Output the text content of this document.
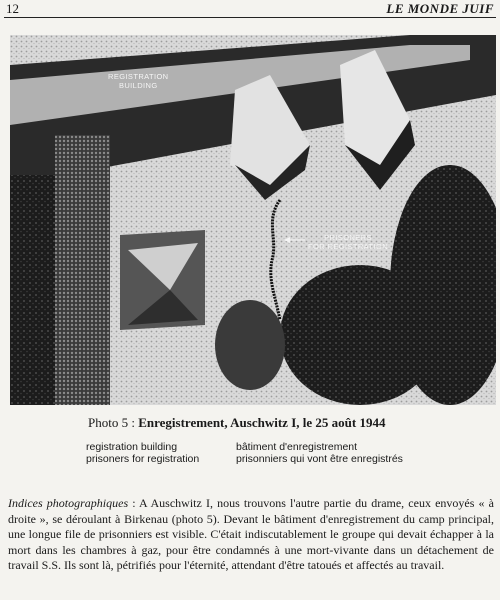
12	LE MONDE JUIF
REGISTRATION
BUILDING
PRISONERS
FOR REGISTRATION

Photo 5 : Enregistrement, Auschwitz I, le 25 août 1944

registration building	bâtiment d'enregistrement
prisoners for registration	prisonniers qui vont être enregistrés

Indices photographiques : A Auschwitz I, nous trouvons l'autre partie du drame, ceux envoyés « à droite », se déroulant à Birkenau (photo 5). Devant le bâtiment d'enregistrement du camp principal, une longue file de prisonniers est visible. C'était indiscutablement le groupe qui devait échapper à la mort dans les chambres à gaz, pour être condamnés à une mort-vivante dans un détachement de travail S.S. Ils sont là, pétrifiés pour l'éternité, attendant d'être tatoués et affectés au travail.
